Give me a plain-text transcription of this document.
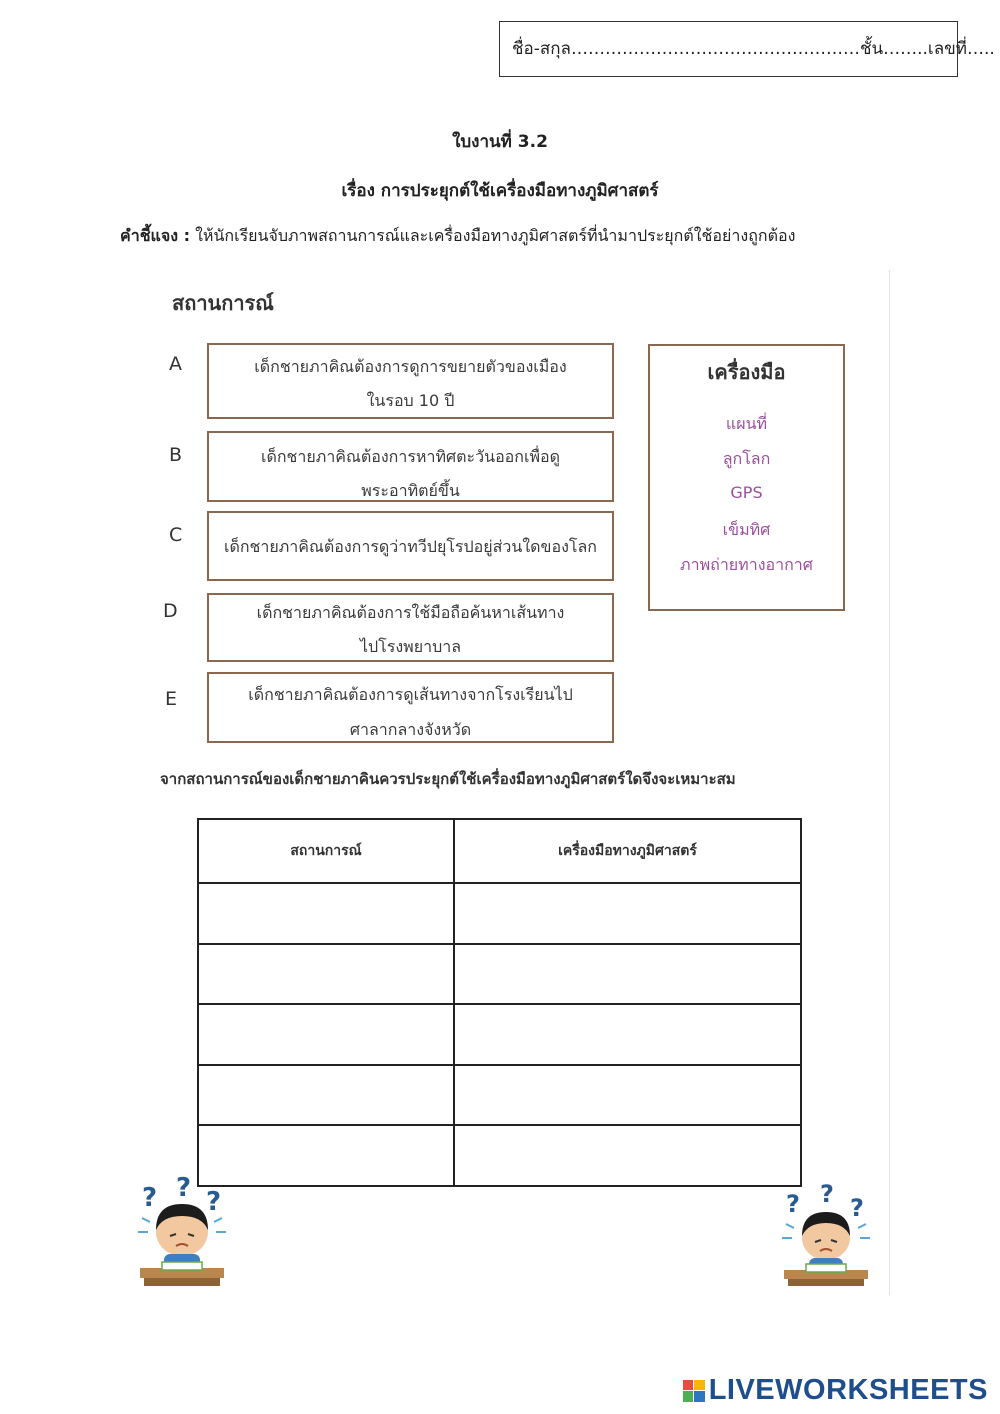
ชื่อ-สกุล……………………………………………ชั้น……..เลขที่…..
ใบงานที่ 3.2
เรื่อง การประยุกต์ใช้เครื่องมือทางภูมิศาสตร์
คำชี้แจง : ให้นักเรียนจับภาพสถานการณ์และเครื่องมือทางภูมิศาสตร์ที่นำมาประยุกต์ใช้อย่างถูกต้อง
สถานการณ์
A	เด็กชายภาคิณต้องการดูการขยายตัวของเมือง
ในรอบ 10 ปี
B	เด็กชายภาคิณต้องการหาทิศตะวันออกเพื่อดู
พระอาทิตย์ขึ้น
C
เด็กชายภาคิณต้องการดูว่าทวีปยุโรปอยู่ส่วนใดของโลก
D	เด็กชายภาคิณต้องการใช้มือถือค้นหาเส้นทาง
ไปโรงพยาบาล
E	เด็กชายภาคิณต้องการดูเส้นทางจากโรงเรียนไป
ศาลากลางจังหวัด
เครื่องมือ
แผนที่
ลูกโลก
GPS
เข็มทิศ
ภาพถ่ายทางอากาศ
จากสถานการณ์ของเด็กชายภาคินควรประยุกต์ใช้เครื่องมือทางภูมิศาสตร์ใดจึงจะเหมาะสม
สถานการณ์	เครื่องมือทางภูมิศาสตร์

? ? ?	? ? ?
LIVEWORKSHEETS
